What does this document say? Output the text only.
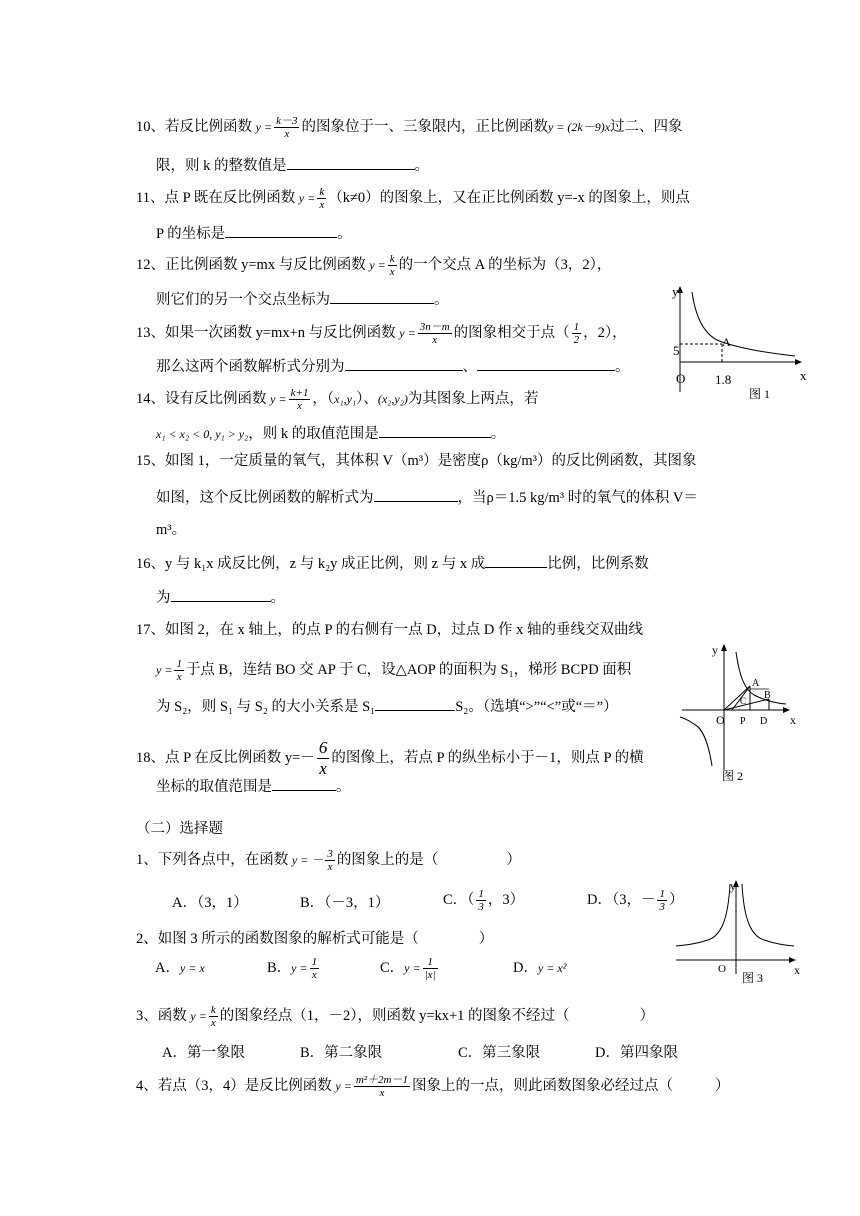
10、若反比例函数 $y = \frac{k-3}{x}$ 的图象位于一、三象限内，正比例函数y = (2k－9)x过二、四象
限，则 k 的整数值是	。
11、点 P 既在反比例函数 $y = \frac{k}{x} (k\ne 0)$的图象上，又在正比例函数 y=-x 的图象上，则点
P 的坐标是	。
12、正比例函数 y=mx 与反比例函数 $y = \frac{k}{x}$ 的一个交点 A 的坐标为（3，2），
则它们的另一个交点坐标为	。
13、如果一次函数 y=mx+n 与反比例函数 $y = \frac{3n-m}{x}$ 的图象相交于点（ $\frac{1}{2}$ ，2），
那么这两个函数解析式分别为	、	。
14、设有反比例函数 $y = \frac{k+1}{x}$ ，（x₁,y₁）、(x₂,y₂)为其图象上两点，若
x₁ < x₂ < 0, y₁ > y₂，则 k 的取值范围是	。
15、如图 1，一定质量的氧气，其体积 V（m³）是密度ρ（kg/m³）的反比例函数，其图象
如图，这个反比例函数的解析式为	，当ρ＝1.5 kg/m³ 时的氧气的体积 V＝
m³。
16、y 与 k₁x 成反比例，z 与 k₂y 成正比例，则 z 与 x 成	比例，比例系数
为	。
17、如图 2，在 x 轴上，的点 P 的右侧有一点 D，过点 D 作 x 轴的垂线交双曲线
$y = \frac{1}{x}$ 于点 B，连结 BO 交 AP 于 C，设△AOP 的面积为 S₁，梯形 BCPD 面积
为 S₂，则 S₁ 与 S₂ 的大小关系是 S₁	S₂。（选填“>”“<”或“＝”）
18、点 P 在反比例函数 $y=- \frac{6}{x}$ 的图像上，若点 P 的纵坐标小于－1，则点 P 的横
坐标的取值范围是	。
（二）选择题
1、下列各点中，在函数 y = － $\frac{3}{x}$ 的图象上的是（	）
A．（3，1）	B．（－3，1）	C．（ $\frac{1}{3}$ ，3）	D．（3，－ $\frac{1}{3}$ ）
2、如图 3 所示的函数图象的解析式可能是（	）
A．y = x	B．$y = \frac{1}{x}$	C．$y = \frac{1}{|x|}$	D．y = x²
3、函数 $y = \frac{k}{x}$ 的图象经点（1，－2），则函数 y=kx+1 的图象不经过（	）
A．第一象限	B．第二象限	C．第三象限	D．第四象限
4、若点（3，4）是反比例函数 $y = \frac{\text{m²＋2m－1}}{x}$ 图象上的一点，则此函数图象必经过点（	）
y
x
O
A
5
1.8
图 1
y
x
O P D
A
B
C
图 2
y
x
O
图 3
